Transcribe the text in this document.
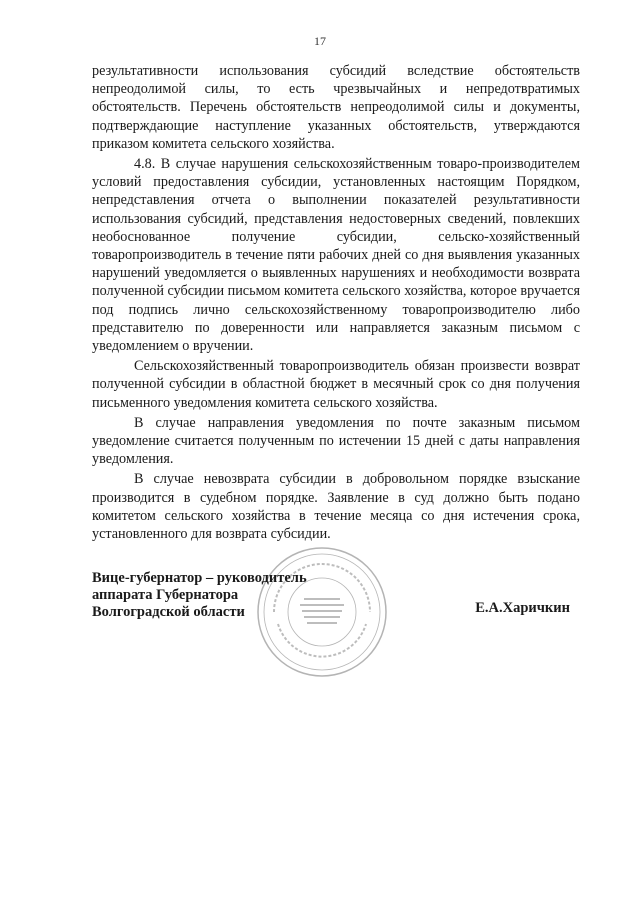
17

результативности использования субсидий вследствие обстоятельств непреодолимой силы, то есть чрезвычайных и непредотвратимых обстоятельств. Перечень обстоятельств непреодолимой силы и документы, подтверждающие наступление указанных обстоятельств, утверждаются приказом комитета сельского хозяйства.

4.8. В случае нарушения сельскохозяйственным товаро-производителем условий предоставления субсидии, установленных настоящим Порядком, непредставления отчета о выполнении показателей результативности использования субсидий, представления недостоверных сведений, повлекших необоснованное получение субсидии, сельско-хозяйственный товаропроизводитель в течение пяти рабочих дней со дня выявления указанных нарушений уведомляется о выявленных нарушениях и необходимости возврата полученной субсидии письмом комитета сельского хозяйства, которое вручается под подпись лично сельскохозяйственному товаропроизводителю либо представителю по доверенности или направляется заказным письмом с уведомлением о вручении.

Сельскохозяйственный товаропроизводитель обязан произвести возврат полученной субсидии в областной бюджет в месячный срок со дня получения письменного уведомления комитета сельского хозяйства.

В случае направления уведомления по почте заказным письмом уведомление считается полученным по истечении 15 дней с даты направления уведомления.

В случае невозврата субсидии в добровольном порядке взыскание производится в судебном порядке. Заявление в суд должно быть подано комитетом сельского хозяйства в течение месяца со дня истечения срока, установленного для возврата субсидии.

Вице-губернатор – руководитель
аппарата Губернатора
Волгоградской области	Е.А.Харичкин
